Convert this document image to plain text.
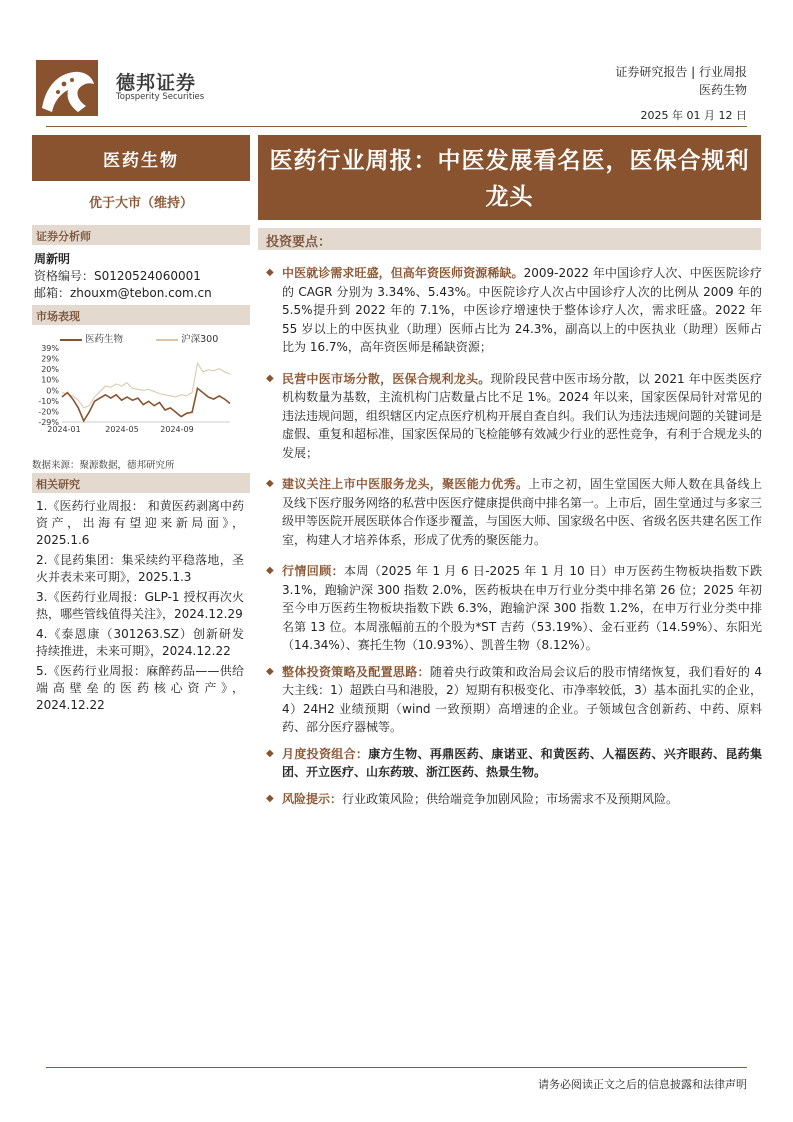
德邦证券
Topsperity Securities
证券研究报告 | 行业周报
医药生物
2025 年 01 月 12 日
医药生物
优于大市（维持）
证券分析师
周新明
资格编号：S0120524060001
邮箱：zhouxm@tebon.com.cn
市场表现
医药生物	沪深300
39%
29%
20%
10%
0%
-10%
-20%
-29%
2024-01	2024-05	2024-09
数据来源：聚源数据，德邦研究所
相关研究
1.《医药行业周报： 和黄医药剥离中药资产，出海有望迎来新局面》，2025.1.6
2.《昆药集团：集采续约平稳落地，圣火并表未来可期》，2025.1.3
3.《医药行业周报：GLP-1 授权再次火热，哪些管线值得关注》，2024.12.29
4.《泰恩康（301263.SZ）创新研发持续推进，未来可期》，2024.12.22
5.《医药行业周报：麻醉药品——供给端高壁垒的医药核心资产》，2024.12.22
医药行业周报：中医发展看名医，医保合规利龙头
投资要点：
◆ 中医就诊需求旺盛，但高年资医师资源稀缺。2009-2022 年中国诊疗人次、中医医院诊疗的 CAGR 分别为 3.34%、5.43%。中医院诊疗人次占中国诊疗人次的比例从 2009 年的 5.5%提升到 2022 年的 7.1%，中医诊疗增速快于整体诊疗人次，需求旺盛。2022 年 55 岁以上的中医执业（助理）医师占比为 24.3%，副高以上的中医执业（助理）医师占比为 16.7%，高年资医师是稀缺资源；
◆ 民营中医市场分散，医保合规利龙头。现阶段民营中医市场分散，以 2021 年中医类医疗机构数量为基数，主流机构门店数量占比不足 1%。2024 年以来，国家医保局针对常见的违法违规问题，组织辖区内定点医疗机构开展自查自纠。我们认为违法违规问题的关键词是虚假、重复和超标准，国家医保局的飞检能够有效减少行业的恶性竞争，有利于合规龙头的发展；
◆ 建议关注上市中医服务龙头，聚医能力优秀。上市之初，固生堂国医大师人数在具备线上及线下医疗服务网络的私营中医医疗健康提供商中排名第一。上市后，固生堂通过与多家三级甲等医院开展医联体合作逐步覆盖，与国医大师、国家级名中医、省级名医共建名医工作室，构建人才培养体系，形成了优秀的聚医能力。
◆ 行情回顾：本周（2025 年 1 月 6 日-2025 年 1 月 10 日）申万医药生物板块指数下跌 3.1%，跑输沪深 300 指数 2.0%，医药板块在申万行业分类中排名第 26 位；2025 年初至今申万医药生物板块指数下跌 6.3%，跑输沪深 300 指数 1.2%，在申万行业分类中排名第 13 位。本周涨幅前五的个股为*ST 吉药（53.19%）、金石亚药（14.59%）、东阳光（14.34%）、赛托生物（10.93%）、凯普生物（8.12%）。
◆ 整体投资策略及配置思路：随着央行政策和政治局会议后的股市情绪恢复，我们看好的 4 大主线：1）超跌白马和港股，2）短期有积极变化、市净率较低，3）基本面扎实的企业，4）24H2 业绩预期（wind 一致预期）高增速的企业。子领域包含创新药、中药、原料药、部分医疗器械等。
◆ 月度投资组合：康方生物、再鼎医药、康诺亚、和黄医药、人福医药、兴齐眼药、昆药集团、开立医疗、山东药玻、浙江医药、热景生物。
◆ 风险提示：行业政策风险；供给端竞争加剧风险；市场需求不及预期风险。
请务必阅读正文之后的信息披露和法律声明
